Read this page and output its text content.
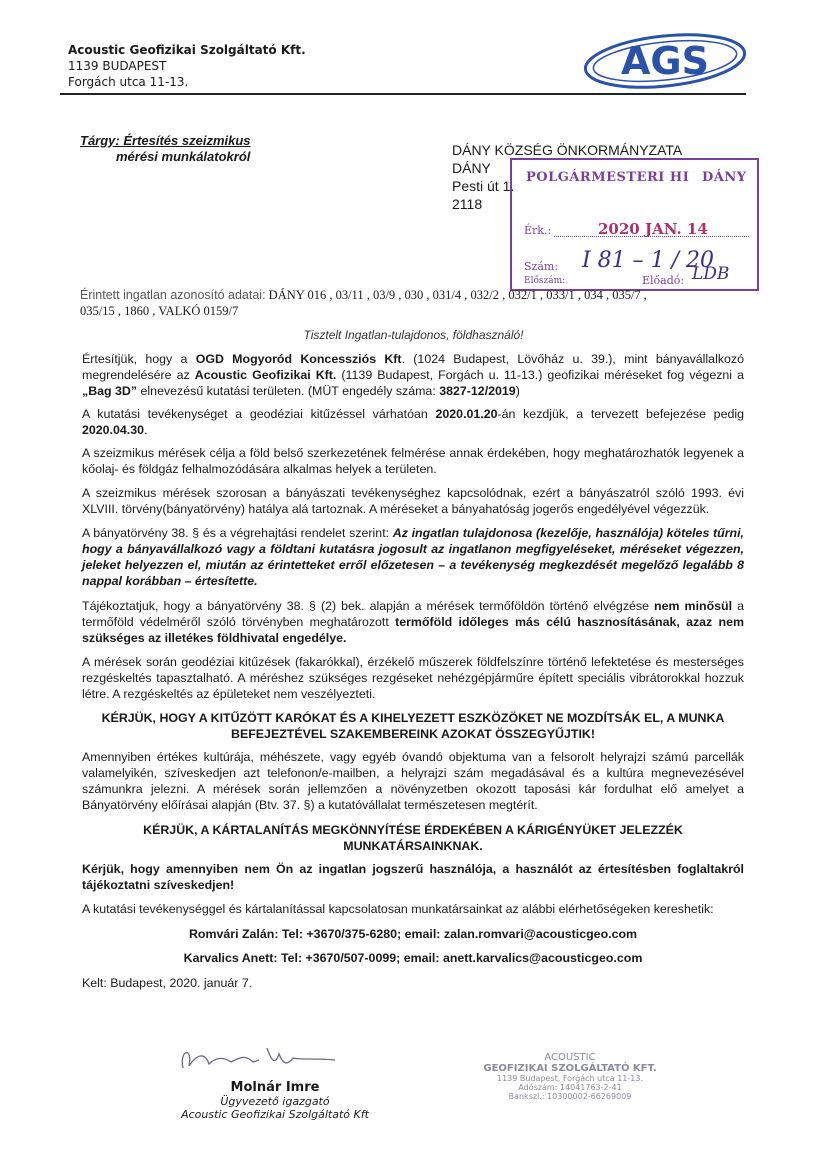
Acoustic Geofizikai Szolgáltató Kft.
1139 BUDAPEST
Forgách utca 11-13.	AGS
Tárgy: Értesítés szeizmikus
mérési munkálatokról	DÁNY KÖZSÉG ÖNKORMÁNYZATA
DÁNY
Pesti út 1.
2118
POLGÁRMESTERI HI DÁNY
Érk.:	2020 JAN. 14
Szám: I 81 – 1 / 20
Előszám:	Előadó: LDB
Érintett ingatlan azonosító adatai: DÁNY 016 , 03/11 , 03/9 , 030 , 031/4 , 032/2 , 032/1 , 033/1 , 034 , 035/7 ,
035/15 , 1860 , VALKÓ 0159/7
Tisztelt Ingatlan-tulajdonos, földhasználó!

Értesítjük, hogy a OGD Mogyoród Koncessziós Kft. (1024 Budapest, Lövőház u. 39.), mint bányavállalkozó megrendelésére az Acoustic Geofizikai Kft. (1139 Budapest, Forgách u. 11-13.) geofizikai méréseket fog végezni a „Bag 3D” elnevezésű kutatási területen. (MÜT engedély száma: 3827-12/2019)

A kutatási tevékenységet a geodéziai kitűzéssel várhatóan 2020.01.20-án kezdjük, a tervezett befejezése pedig 2020.04.30.

A szeizmikus mérések célja a föld belső szerkezetének felmérése annak érdekében, hogy meghatározhatók legyenek a kőolaj- és földgáz felhalmozódására alkalmas helyek a területen.
A szeizmikus mérések szorosan a bányászati tevékenységhez kapcsolódnak, ezért a bányászatról szóló 1993. évi XLVIII. törvény(bányatörvény) hatálya alá tartoznak. A méréseket a bányahatóság jogerős engedélyével végezzük.

A bányatörvény 38. § és a végrehajtási rendelet szerint: Az ingatlan tulajdonosa (kezelője, használója) köteles tűrni, hogy a bányavállalkozó vagy a földtani kutatásra jogosult az ingatlanon megfigyeléseket, méréseket végezzen, jeleket helyezzen el, miután az érintetteket erről előzetesen – a tevékenység megkezdését megelőző legalább 8 nappal korábban – értesítette.

Tájékoztatjuk, hogy a bányatörvény 38. § (2) bek. alapján a mérések termőföldön történő elvégzése nem minősül a termőföld védelméről szóló törvényben meghatározott termőföld időleges más célú hasznosításának, azaz nem szükséges az illetékes földhivatal engedélye.

A mérések során geodéziai kitűzések (fakarókkal), érzékelő műszerek földfelszínre történő lefektetése és mesterséges rezgéskeltés tapasztalható. A méréshez szükséges rezgéseket nehézgépjárműre épített speciális vibrátorokkal hozzuk létre. A rezgéskeltés az épületeket nem veszélyezteti.
KÉRJÜK, HOGY A KITŰZÖTT KARÓKAT ÉS A KIHELYEZETT ESZKÖZÖKET NE MOZDÍTSÁK EL, A MUNKA BEFEJEZTÉVEL SZAKEMBEREINK AZOKAT ÖSSZEGYŰJTIK!
Amennyiben értékes kultúrája, méhészete, vagy egyéb óvandó objektuma van a felsorolt helyrajzi számú parcellák valamelyikén, szíveskedjen azt telefonon/e-mailben, a helyrajzi szám megadásával és a kultúra megnevezésével számunkra jelezni. A mérések során jellemzően a növényzetben okozott taposási kár fordulhat elő amelyet a Bányatörvény előírásai alapján (Btv. 37. §) a kutatóvállalat természetesen megtérít.
KÉRJÜK, A KÁRTALANÍTÁS MEGKÖNNYÍTÉSE ÉRDEKÉBEN A KÁRIGÉNYÜKET JELEZZÉK MUNKATÁRSAINKNAK.
Kérjük, hogy amennyiben nem Ön az ingatlan jogszerű használója, a használót az értesítésben foglaltakról tájékoztatni szíveskedjen!
A kutatási tevékenységgel és kártalanítással kapcsolatosan munkatársainkat az alábbi elérhetőségeken kereshetik:
Romvári Zalán: Tel: +3670/375-6280; email: zalan.romvari@acousticgeo.com
Karvalics Anett: Tel: +3670/507-0099; email: anett.karvalics@acousticgeo.com
Kelt: Budapest, 2020. január 7.
Molnár Imre
Ügyvezető igazgató
Acoustic Geofizikai Szolgáltató Kft
ACOUSTIC
GEOFIZIKAI SZOLGÁLTATÓ KFT.
1139 Budapest, Forgách utca 11-13.
Adószám: 14041763-2-41
Bankszl.: 10300002-66269009
